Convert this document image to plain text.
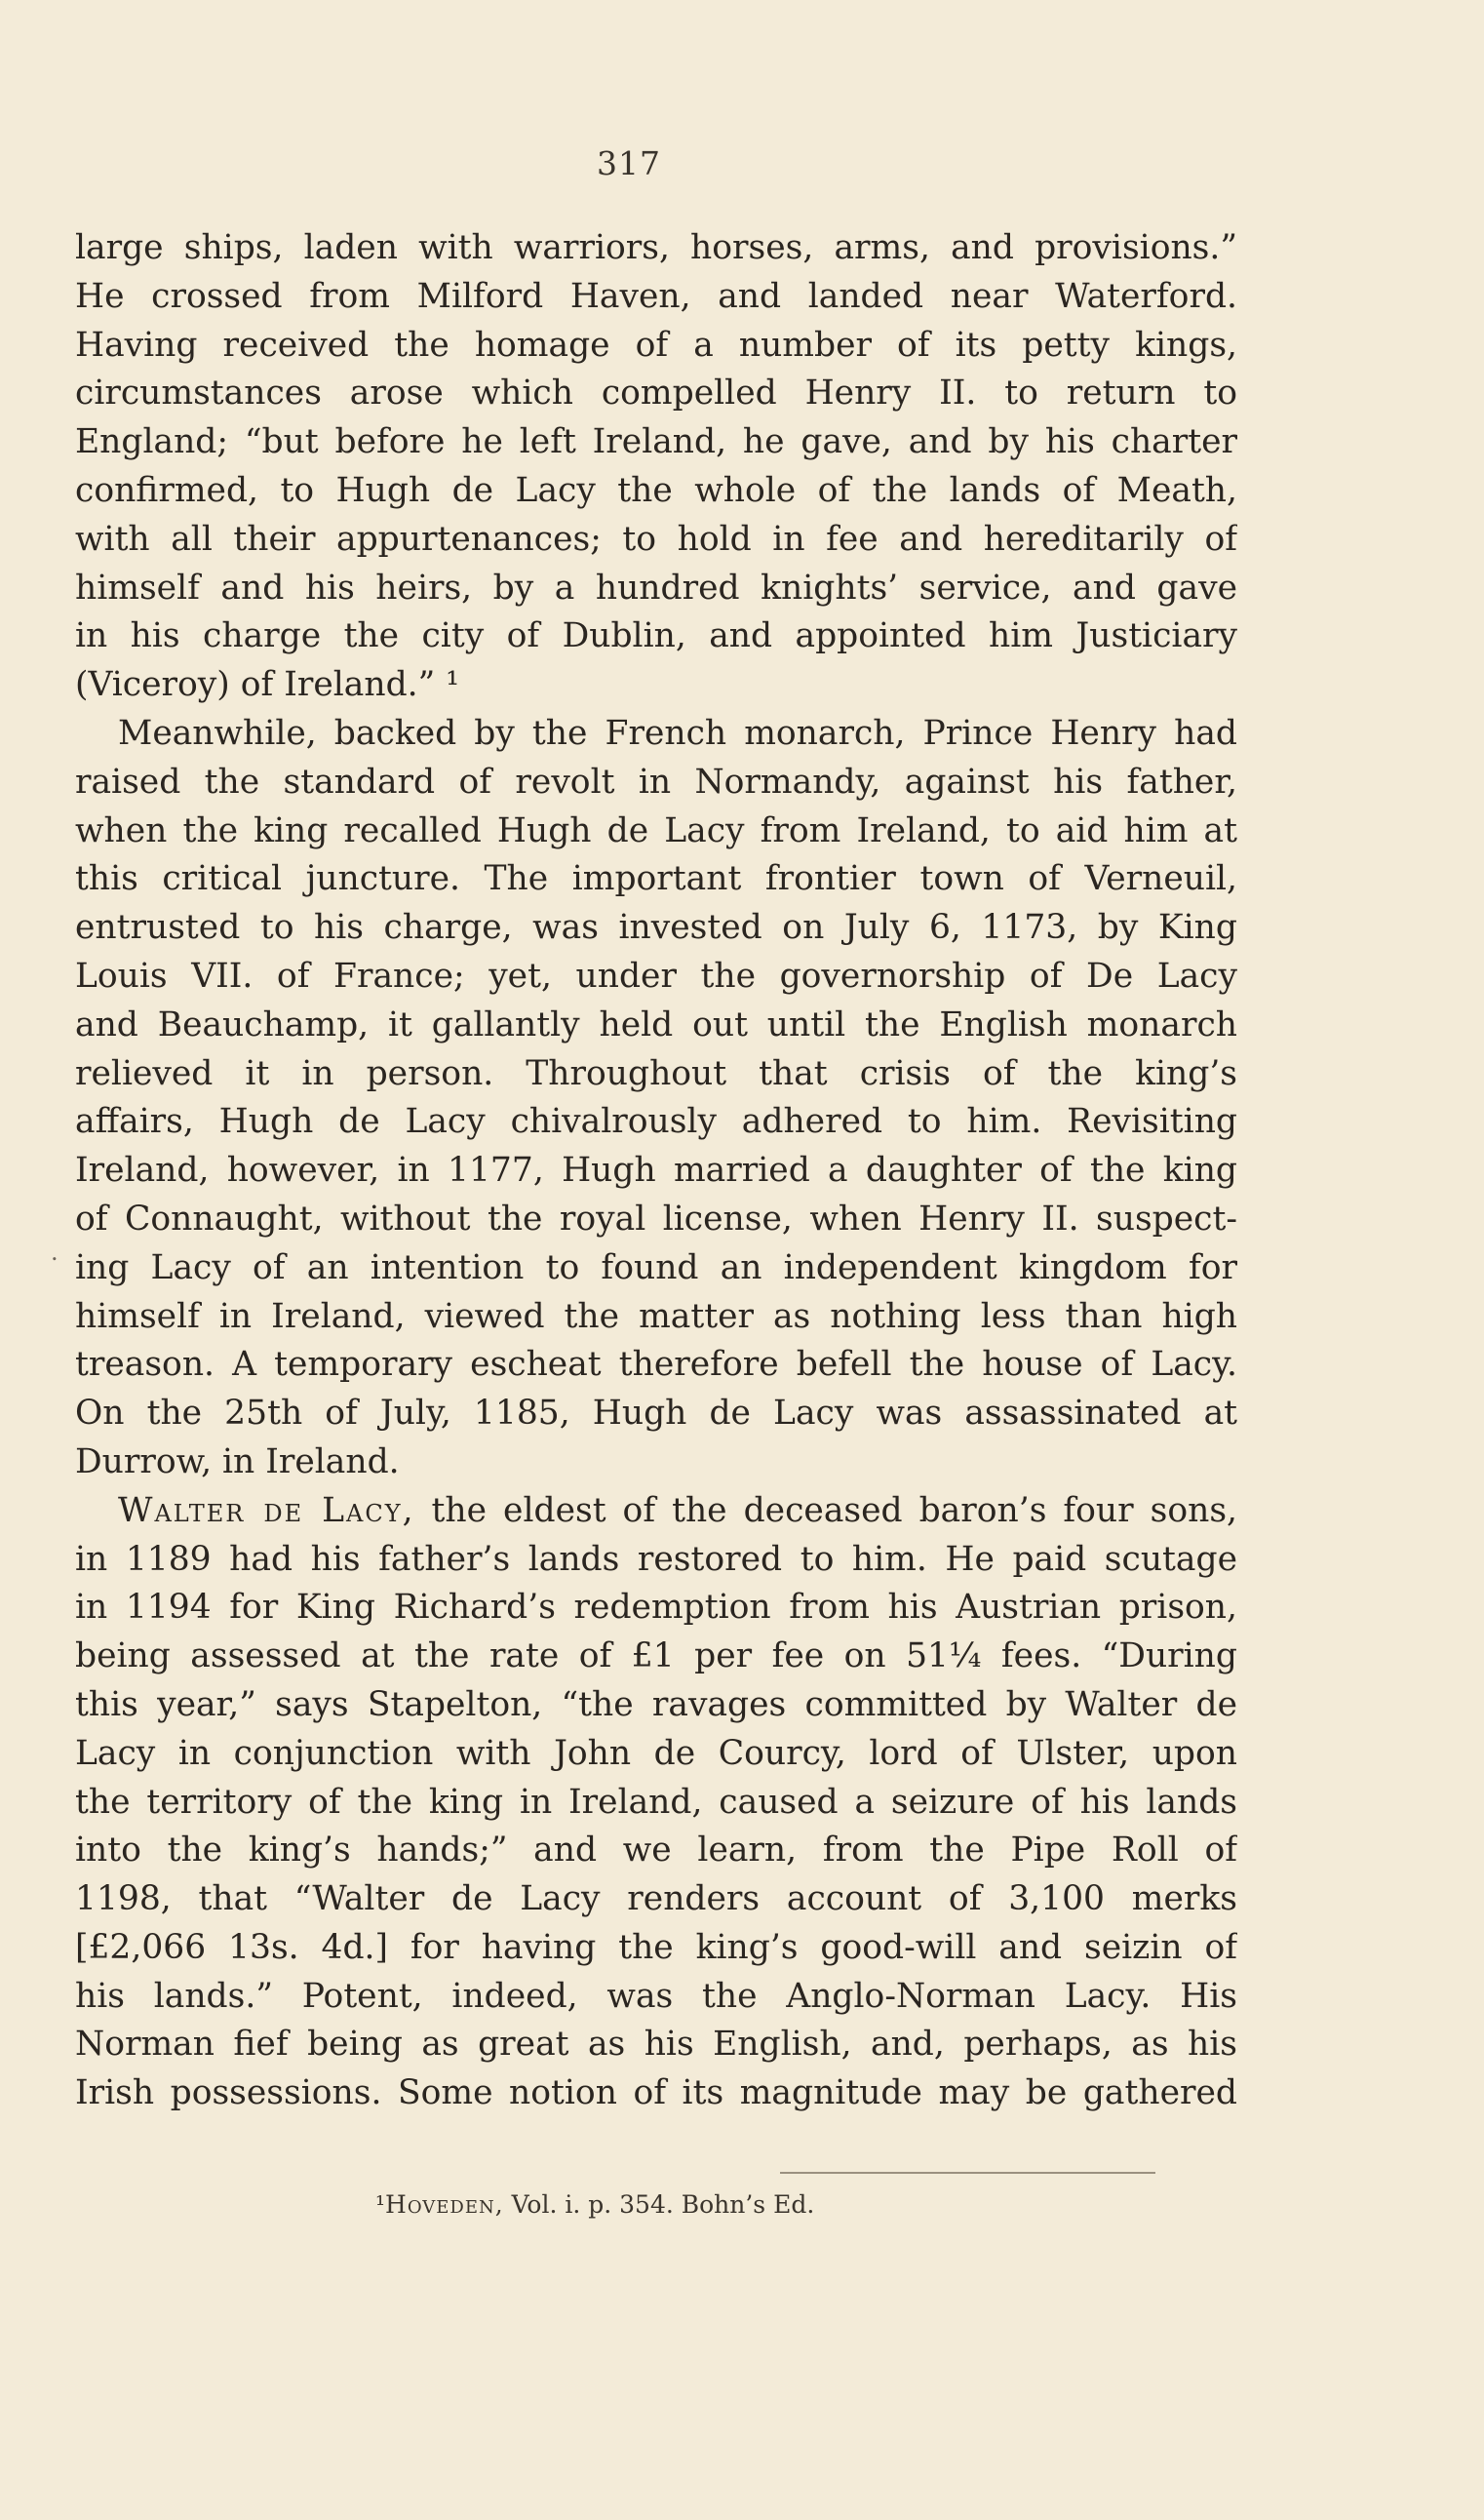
317
.
large ships, laden with warriors, horses, arms, and provisions.”
He crossed from Milford Haven, and landed near Waterford.
Having received the homage of a number of its petty kings,
circumstances arose which compelled Henry II. to return to
England; “but before he left Ireland, he gave, and by his charter
confirmed, to Hugh de Lacy the whole of the lands of Meath,
with all their appurtenances; to hold in fee and hereditarily of
himself and his heirs, by a hundred knights’ service, and gave
in his charge the city of Dublin, and appointed him Justiciary
(Viceroy) of Ireland.” ¹
Meanwhile, backed by the French monarch, Prince Henry had
raised the standard of revolt in Normandy, against his father,
when the king recalled Hugh de Lacy from Ireland, to aid him at
this critical juncture. The important frontier town of Verneuil,
entrusted to his charge, was invested on July 6, 1173, by King
Louis VII. of France; yet, under the governorship of De Lacy
and Beauchamp, it gallantly held out until the English monarch
relieved it in person. Throughout that crisis of the king’s
affairs, Hugh de Lacy chivalrously adhered to him. Revisiting
Ireland, however, in 1177, Hugh married a daughter of the king
of Connaught, without the royal license, when Henry II. suspect-
ing Lacy of an intention to found an independent kingdom for
himself in Ireland, viewed the matter as nothing less than high
treason. A temporary escheat therefore befell the house of Lacy.
On the 25th of July, 1185, Hugh de Lacy was assassinated at
Durrow, in Ireland.
Walter de Lacy, the eldest of the deceased baron’s four sons,
in 1189 had his father’s lands restored to him. He paid scutage
in 1194 for King Richard’s redemption from his Austrian prison,
being assessed at the rate of £1 per fee on 51¼ fees. “During
this year,” says Stapelton, “the ravages committed by Walter de
Lacy in conjunction with John de Courcy, lord of Ulster, upon
the territory of the king in Ireland, caused a seizure of his lands
into the king’s hands;” and we learn, from the Pipe Roll of
1198, that “Walter de Lacy renders account of 3,100 merks
[£2,066 13s. 4d.] for having the king’s good-will and seizin of
his lands.” Potent, indeed, was the Anglo-Norman Lacy. His
Norman fief being as great as his English, and, perhaps, as his
Irish possessions. Some notion of its magnitude may be gathered
¹Hoveden, Vol. i. p. 354. Bohn’s Ed.
